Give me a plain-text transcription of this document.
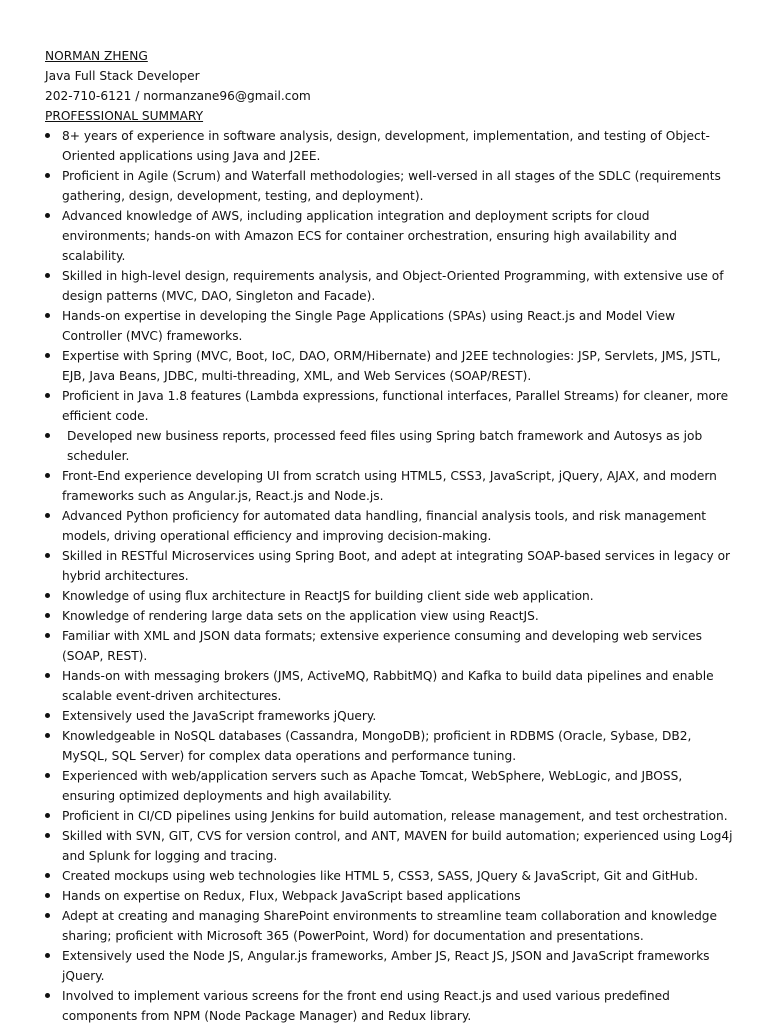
NORMAN ZHENG
Java Full Stack Developer
202-710-6121 / normanzane96@gmail.com
PROFESSIONAL SUMMARY
8+ years of experience in software analysis, design, development, implementation, and testing of Object-Oriented applications using Java and J2EE.
Proficient in Agile (Scrum) and Waterfall methodologies; well-versed in all stages of the SDLC (requirements gathering, design, development, testing, and deployment).
Advanced knowledge of AWS, including application integration and deployment scripts for cloud environments; hands-on with Amazon ECS for container orchestration, ensuring high availability and scalability.
Skilled in high-level design, requirements analysis, and Object-Oriented Programming, with extensive use of design patterns (MVC, DAO, Singleton and Facade).
Hands-on expertise in developing the Single Page Applications (SPAs) using React.js and Model View Controller (MVC) frameworks.
Expertise with Spring (MVC, Boot, IoC, DAO, ORM/Hibernate) and J2EE technologies: JSP, Servlets, JMS, JSTL, EJB, Java Beans, JDBC, multi-threading, XML, and Web Services (SOAP/REST).
Proficient in Java 1.8 features (Lambda expressions, functional interfaces, Parallel Streams) for cleaner, more efficient code.
Developed new business reports, processed feed files using Spring batch framework and Autosys as job scheduler.
Front-End experience developing UI from scratch using HTML5, CSS3, JavaScript, jQuery, AJAX, and modern frameworks such as Angular.js, React.js and Node.js.
Advanced Python proficiency for automated data handling, financial analysis tools, and risk management models, driving operational efficiency and improving decision-making.
Skilled in RESTful Microservices using Spring Boot, and adept at integrating SOAP-based services in legacy or hybrid architectures.
Knowledge of using flux architecture in ReactJS for building client side web application.
Knowledge of rendering large data sets on the application view using ReactJS.
Familiar with XML and JSON data formats; extensive experience consuming and developing web services (SOAP, REST).
Hands-on with messaging brokers (JMS, ActiveMQ, RabbitMQ) and Kafka to build data pipelines and enable scalable event-driven architectures.
Extensively used the JavaScript frameworks jQuery.
Knowledgeable in NoSQL databases (Cassandra, MongoDB); proficient in RDBMS (Oracle, Sybase, DB2, MySQL, SQL Server) for complex data operations and performance tuning.
Experienced with web/application servers such as Apache Tomcat, WebSphere, WebLogic, and JBOSS, ensuring optimized deployments and high availability.
Proficient in CI/CD pipelines using Jenkins for build automation, release management, and test orchestration.
Skilled with SVN, GIT, CVS for version control, and ANT, MAVEN for build automation; experienced using Log4j and Splunk for logging and tracing.
Created mockups using web technologies like HTML 5, CSS3, SASS, JQuery & JavaScript, Git and GitHub.
Hands on expertise on Redux, Flux, Webpack JavaScript based applications
Adept at creating and managing SharePoint environments to streamline team collaboration and knowledge sharing; proficient with Microsoft 365 (PowerPoint, Word) for documentation and presentations.
Extensively used the Node JS, Angular.js frameworks, Amber JS, React JS, JSON and JavaScript frameworks jQuery.
Involved to implement various screens for the front end using React.js and used various predefined components from NPM (Node Package Manager) and Redux library.
